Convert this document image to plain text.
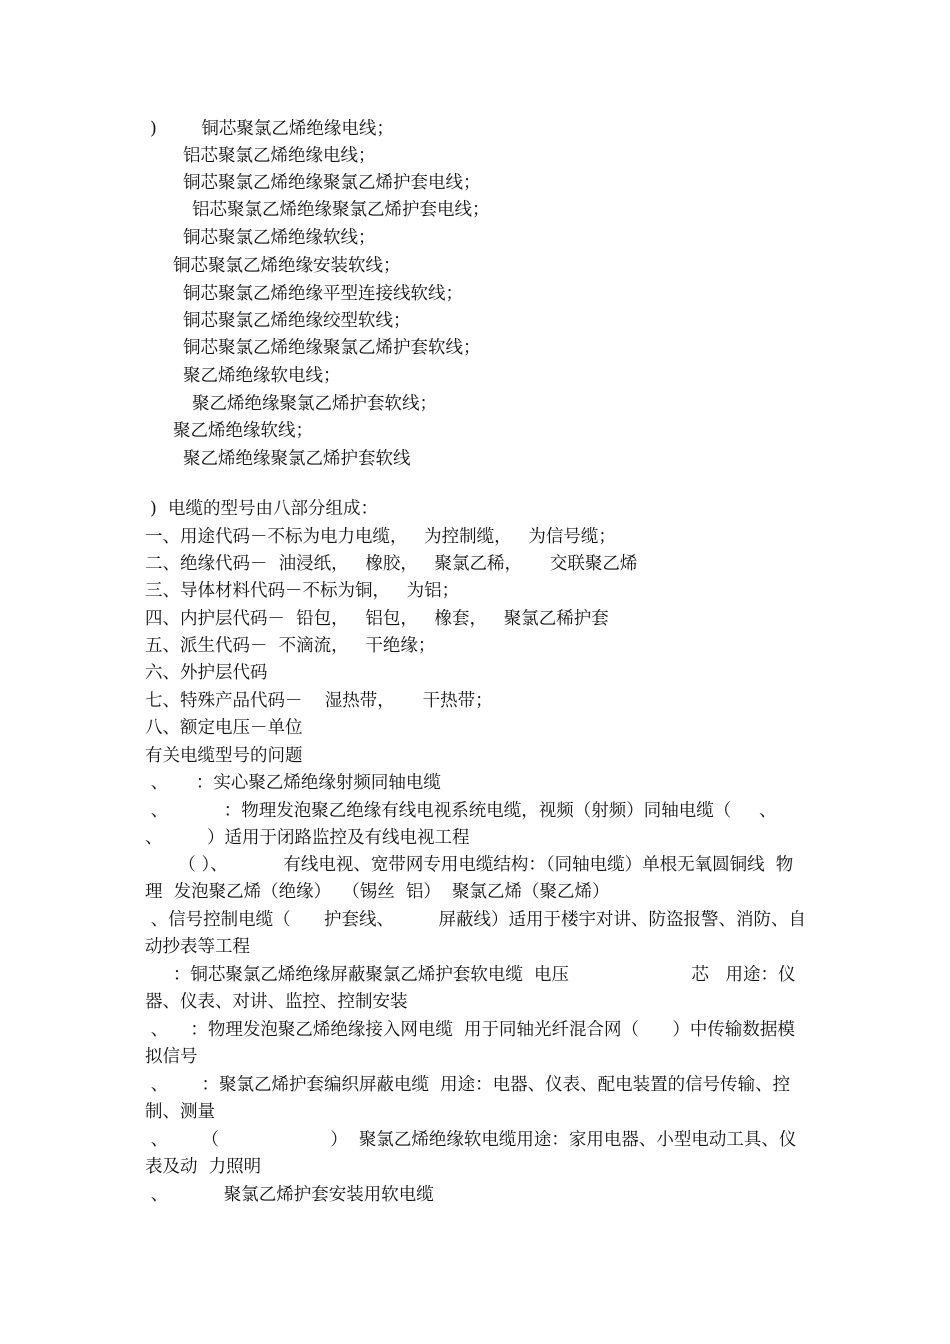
)        铜芯聚氯乙烯绝缘电线；
铝芯聚氯乙烯绝缘电线；
铜芯聚氯乙烯绝缘聚氯乙烯护套电线；
铝芯聚氯乙烯绝缘聚氯乙烯护套电线；
铜芯聚氯乙烯绝缘软线；
铜芯聚氯乙烯绝缘安装软线；
铜芯聚氯乙烯绝缘平型连接线软线；
铜芯聚氯乙烯绝缘绞型软线；
铜芯聚氯乙烯绝缘聚氯乙烯护套软线；
聚乙烯绝缘软电线；
聚乙烯绝缘聚氯乙烯护套软线；
聚乙烯绝缘软线；
聚乙烯绝缘聚氯乙烯护套软线
)  电缆的型号由八部分组成：
一、用途代码－不标为电力电缆，   为控制缆，   为信号缆；
二、绝缘代码－  油浸纸，   橡胶，   聚氯乙稀，     交联聚乙烯
三、导体材料代码－不标为铜，   为铝；
四、内护层代码－  铅包，   铝包，   橡套，   聚氯乙稀护套
五、派生代码－  不滴流，   干绝缘；
六、外护层代码
七、特殊产品代码－    湿热带，     干热带；
八、额定电压－单位
有关电缆型号的问题
、     ：实心聚乙烯绝缘射频同轴电缆
、          ：物理发泡聚乙绝缘有线电视系统电缆，视频（射频）同轴电缆（     、      、        ）适用于闭路监控及有线电视工程
（ ）、          有线电视、宽带网专用电缆结构：（同轴电缆）单根无氧圆铜线  物理  发泡聚乙烯（绝缘）  （锡丝  铝）  聚氯乙烯（聚乙烯）
、信号控制电缆（      护套线、        屏蔽线）适用于楼宇对讲、防盗报警、消防、自动抄表等工程
：铜芯聚氯乙烯绝缘屏蔽聚氯乙烯护套软电缆  电压                      芯   用途：仪器、仪表、对讲、监控、控制安装
、    ：物理发泡聚乙烯绝缘接入网电缆  用于同轴光纤混合网（      ）中传输数据模拟信号
、      ：聚氯乙烯护套编织屏蔽电缆  用途：电器、仪表、配电装置的信号传输、控制、测量
、      （                    ）  聚氯乙烯绝缘软电缆用途：家用电器、小型电动工具、仪表及动  力照明
、          聚氯乙烯护套安装用软电缆
